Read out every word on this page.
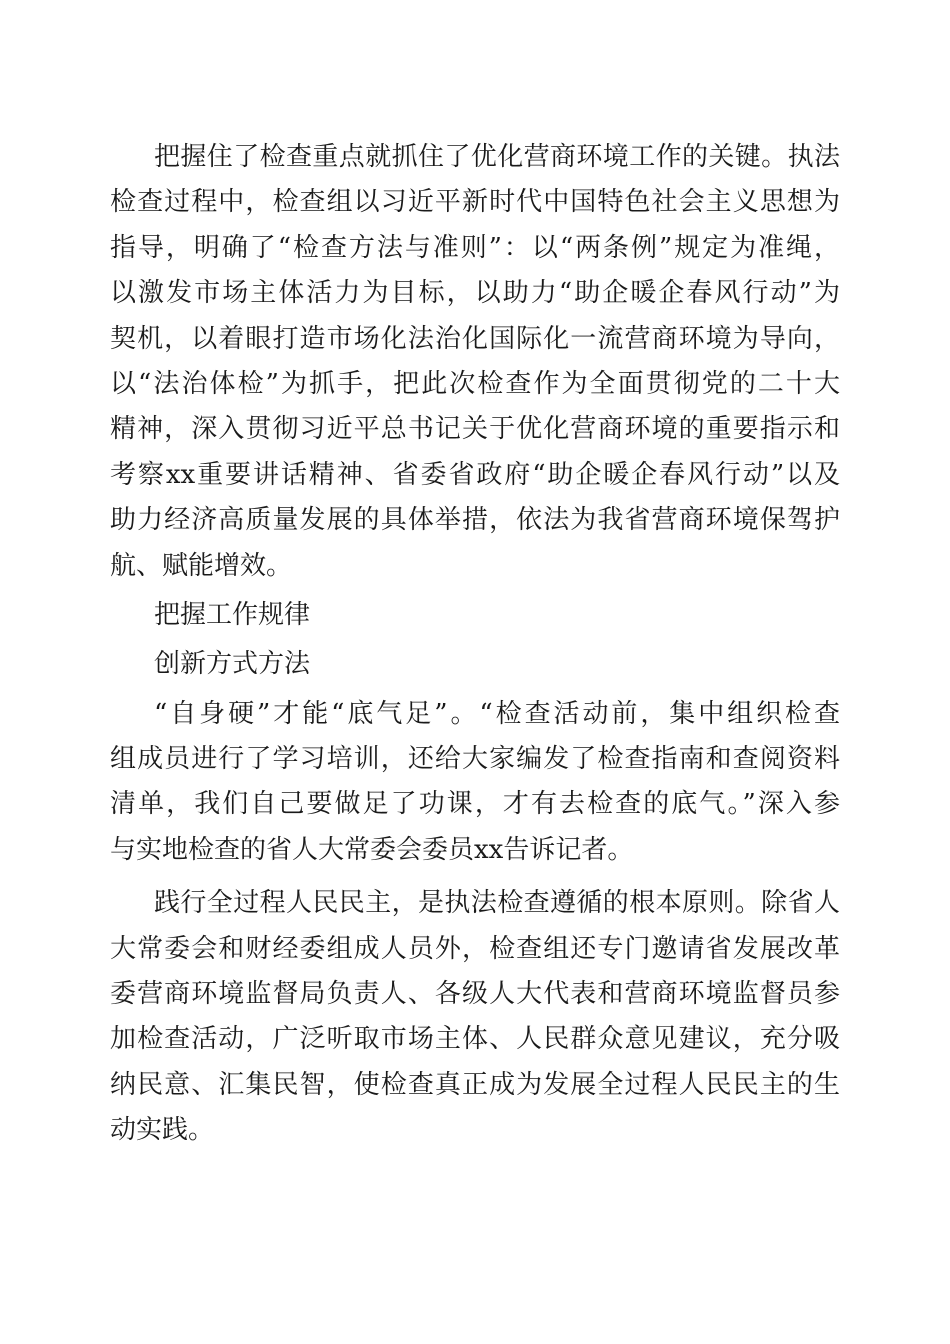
把握住了检查重点就抓住了优化营商环境工作的关键。执法
检查过程中，检查组以习近平新时代中国特色社会主义思想为
指导，明确了“检查方法与准则”：以“两条例”规定为准绳，
以激发市场主体活力为目标，以助力“助企暖企春风行动”为
契机，以着眼打造市场化法治化国际化一流营商环境为导向，
以“法治体检”为抓手，把此次检查作为全面贯彻党的二十大
精神，深入贯彻习近平总书记关于优化营商环境的重要指示和
考察xx重要讲话精神、省委省政府“助企暖企春风行动”以及
助力经济高质量发展的具体举措，依法为我省营商环境保驾护
航、赋能增效。
把握工作规律
创新方式方法
“自身硬”才能“底气足”。“检查活动前，集中组织检查
组成员进行了学习培训，还给大家编发了检查指南和查阅资料
清单，我们自己要做足了功课，才有去检查的底气。”深入参
与实地检查的省人大常委会委员xx告诉记者。
践行全过程人民民主，是执法检查遵循的根本原则。除省人
大常委会和财经委组成人员外，检查组还专门邀请省发展改革
委营商环境监督局负责人、各级人大代表和营商环境监督员参
加检查活动，广泛听取市场主体、人民群众意见建议，充分吸
纳民意、汇集民智，使检查真正成为发展全过程人民民主的生
动实践。
